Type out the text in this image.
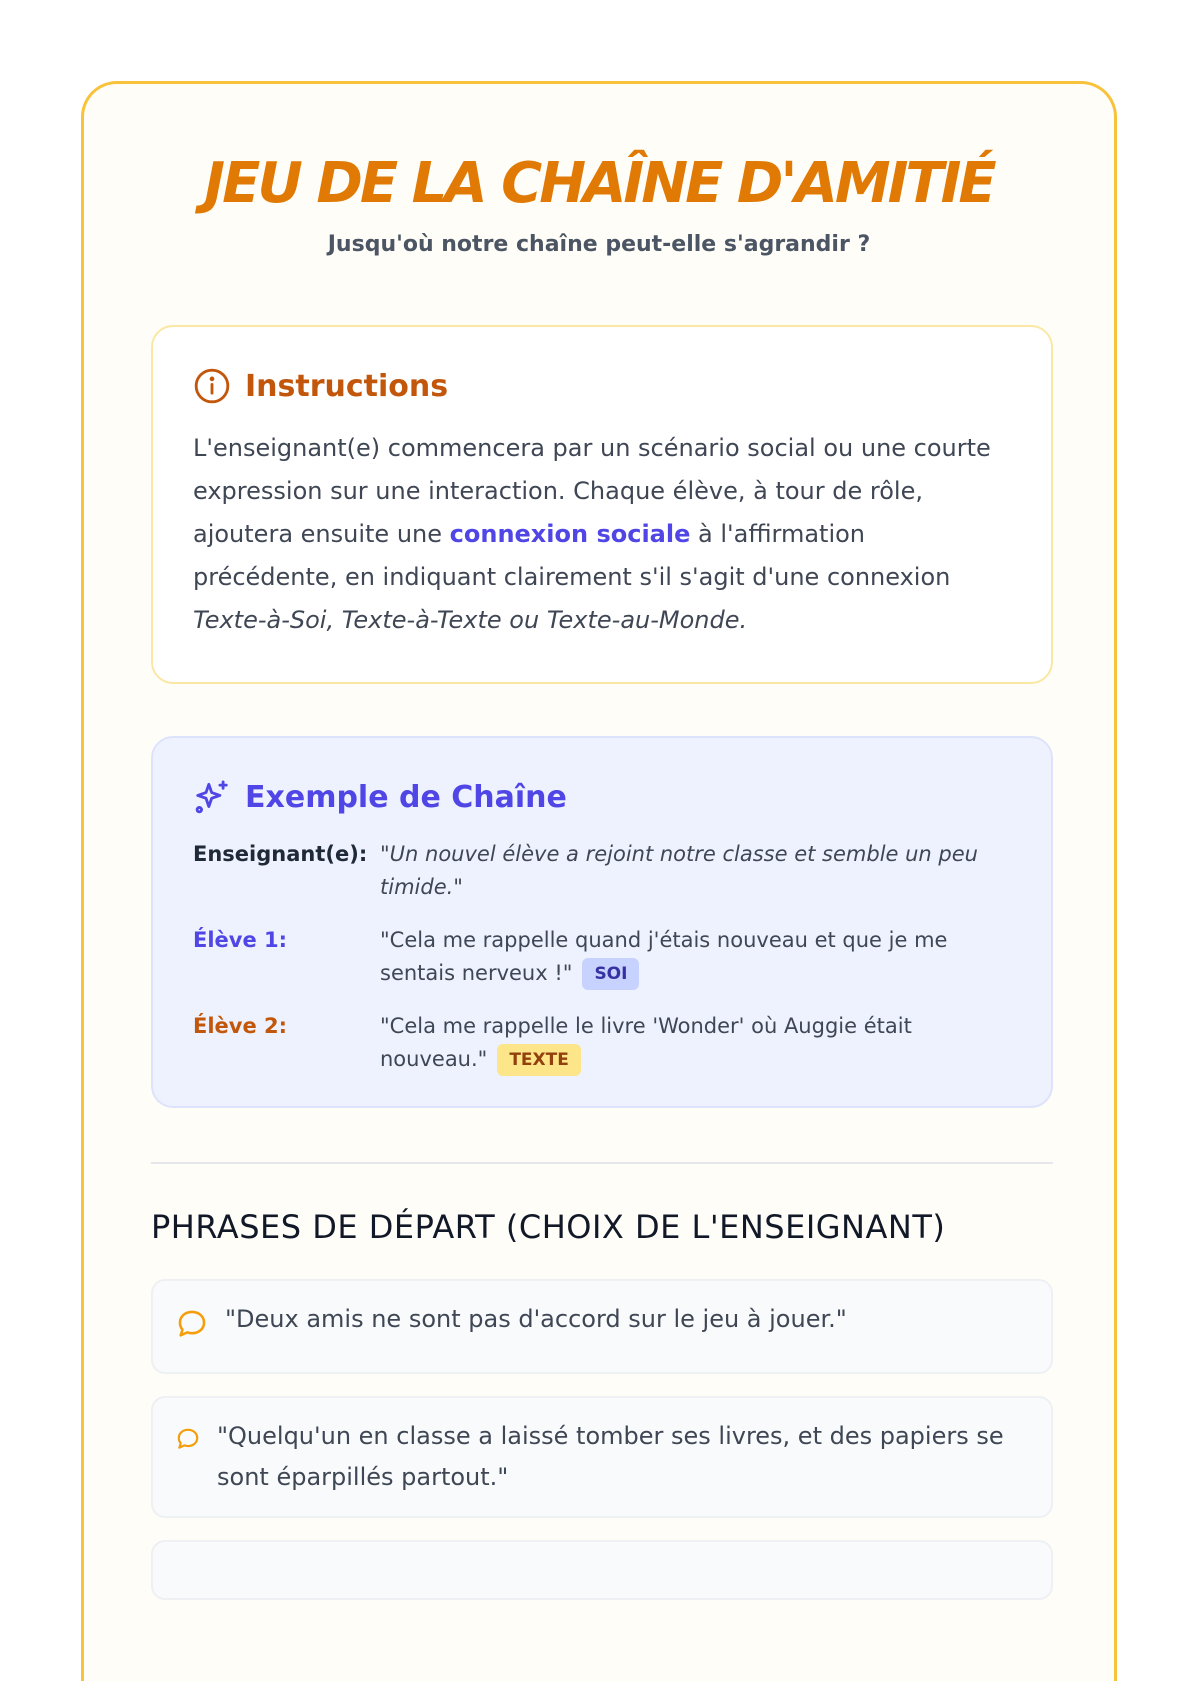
JEU DE LA CHAÎNE D'AMITIÉ
Jusqu'où notre chaîne peut-elle s'agrandir ?
Instructions
L'enseignant(e) commencera par un scénario social ou une courte expression sur une interaction. Chaque élève, à tour de rôle, ajoutera ensuite une connexion sociale à l'affirmation précédente, en indiquant clairement s'il s'agit d'une connexion Texte-à-Soi, Texte-à-Texte ou Texte-au-Monde.
Exemple de Chaîne
Enseignant(e): "Un nouvel élève a rejoint notre classe et semble un peu timide."
Élève 1:	"Cela me rappelle quand j'étais nouveau et que je me sentais nerveux !" SOI
Élève 2:	"Cela me rappelle le livre 'Wonder' où Auggie était nouveau." TEXTE
PHRASES DE DÉPART (CHOIX DE L'ENSEIGNANT)
"Deux amis ne sont pas d'accord sur le jeu à jouer."
"Quelqu'un en classe a laissé tomber ses livres, et des papiers se sont éparpillés partout."
